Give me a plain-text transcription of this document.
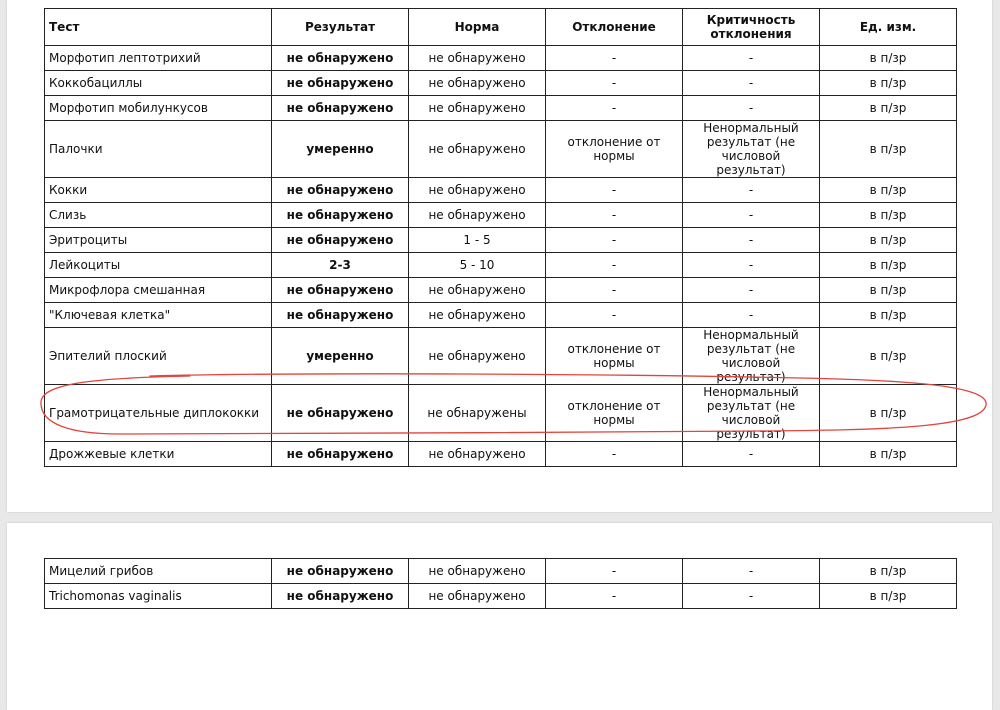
Тест	Результат	Норма	Отклонение	Критичность отклонения	Ед. изм.
Морфотип лептотрихий	не обнаружено	не обнаружено	-	-	в п/зр
Коккобациллы	не обнаружено	не обнаружено	-	-	в п/зр
Морфотип мобилункусов	не обнаружено	не обнаружено	-	-	в п/зр
Палочки	умеренно	не обнаружено	отклонение от нормы	Ненормальный результат (не числовой результат)	в п/зр
Кокки	не обнаружено	не обнаружено	-	-	в п/зр
Слизь	не обнаружено	не обнаружено	-	-	в п/зр
Эритроциты	не обнаружено	1 - 5	-	-	в п/зр
Лейкоциты	2-3	5 - 10	-	-	в п/зр
Микрофлора смешанная	не обнаружено	не обнаружено	-	-	в п/зр
"Ключевая клетка"	не обнаружено	не обнаружено	-	-	в п/зр
Эпителий плоский	умеренно	не обнаружено	отклонение от нормы	Ненормальный результат (не числовой результат)	в п/зр
Грамотрицательные диплококки	не обнаружено	не обнаружены	отклонение от нормы	Ненормальный результат (не числовой результат)	в п/зр
Дрожжевые клетки	не обнаружено	не обнаружено	-	-	в п/зр
Мицелий грибов	не обнаружено	не обнаружено	-	-	в п/зр
Trichomonas vaginalis	не обнаружено	не обнаружено	-	-	в п/зр
